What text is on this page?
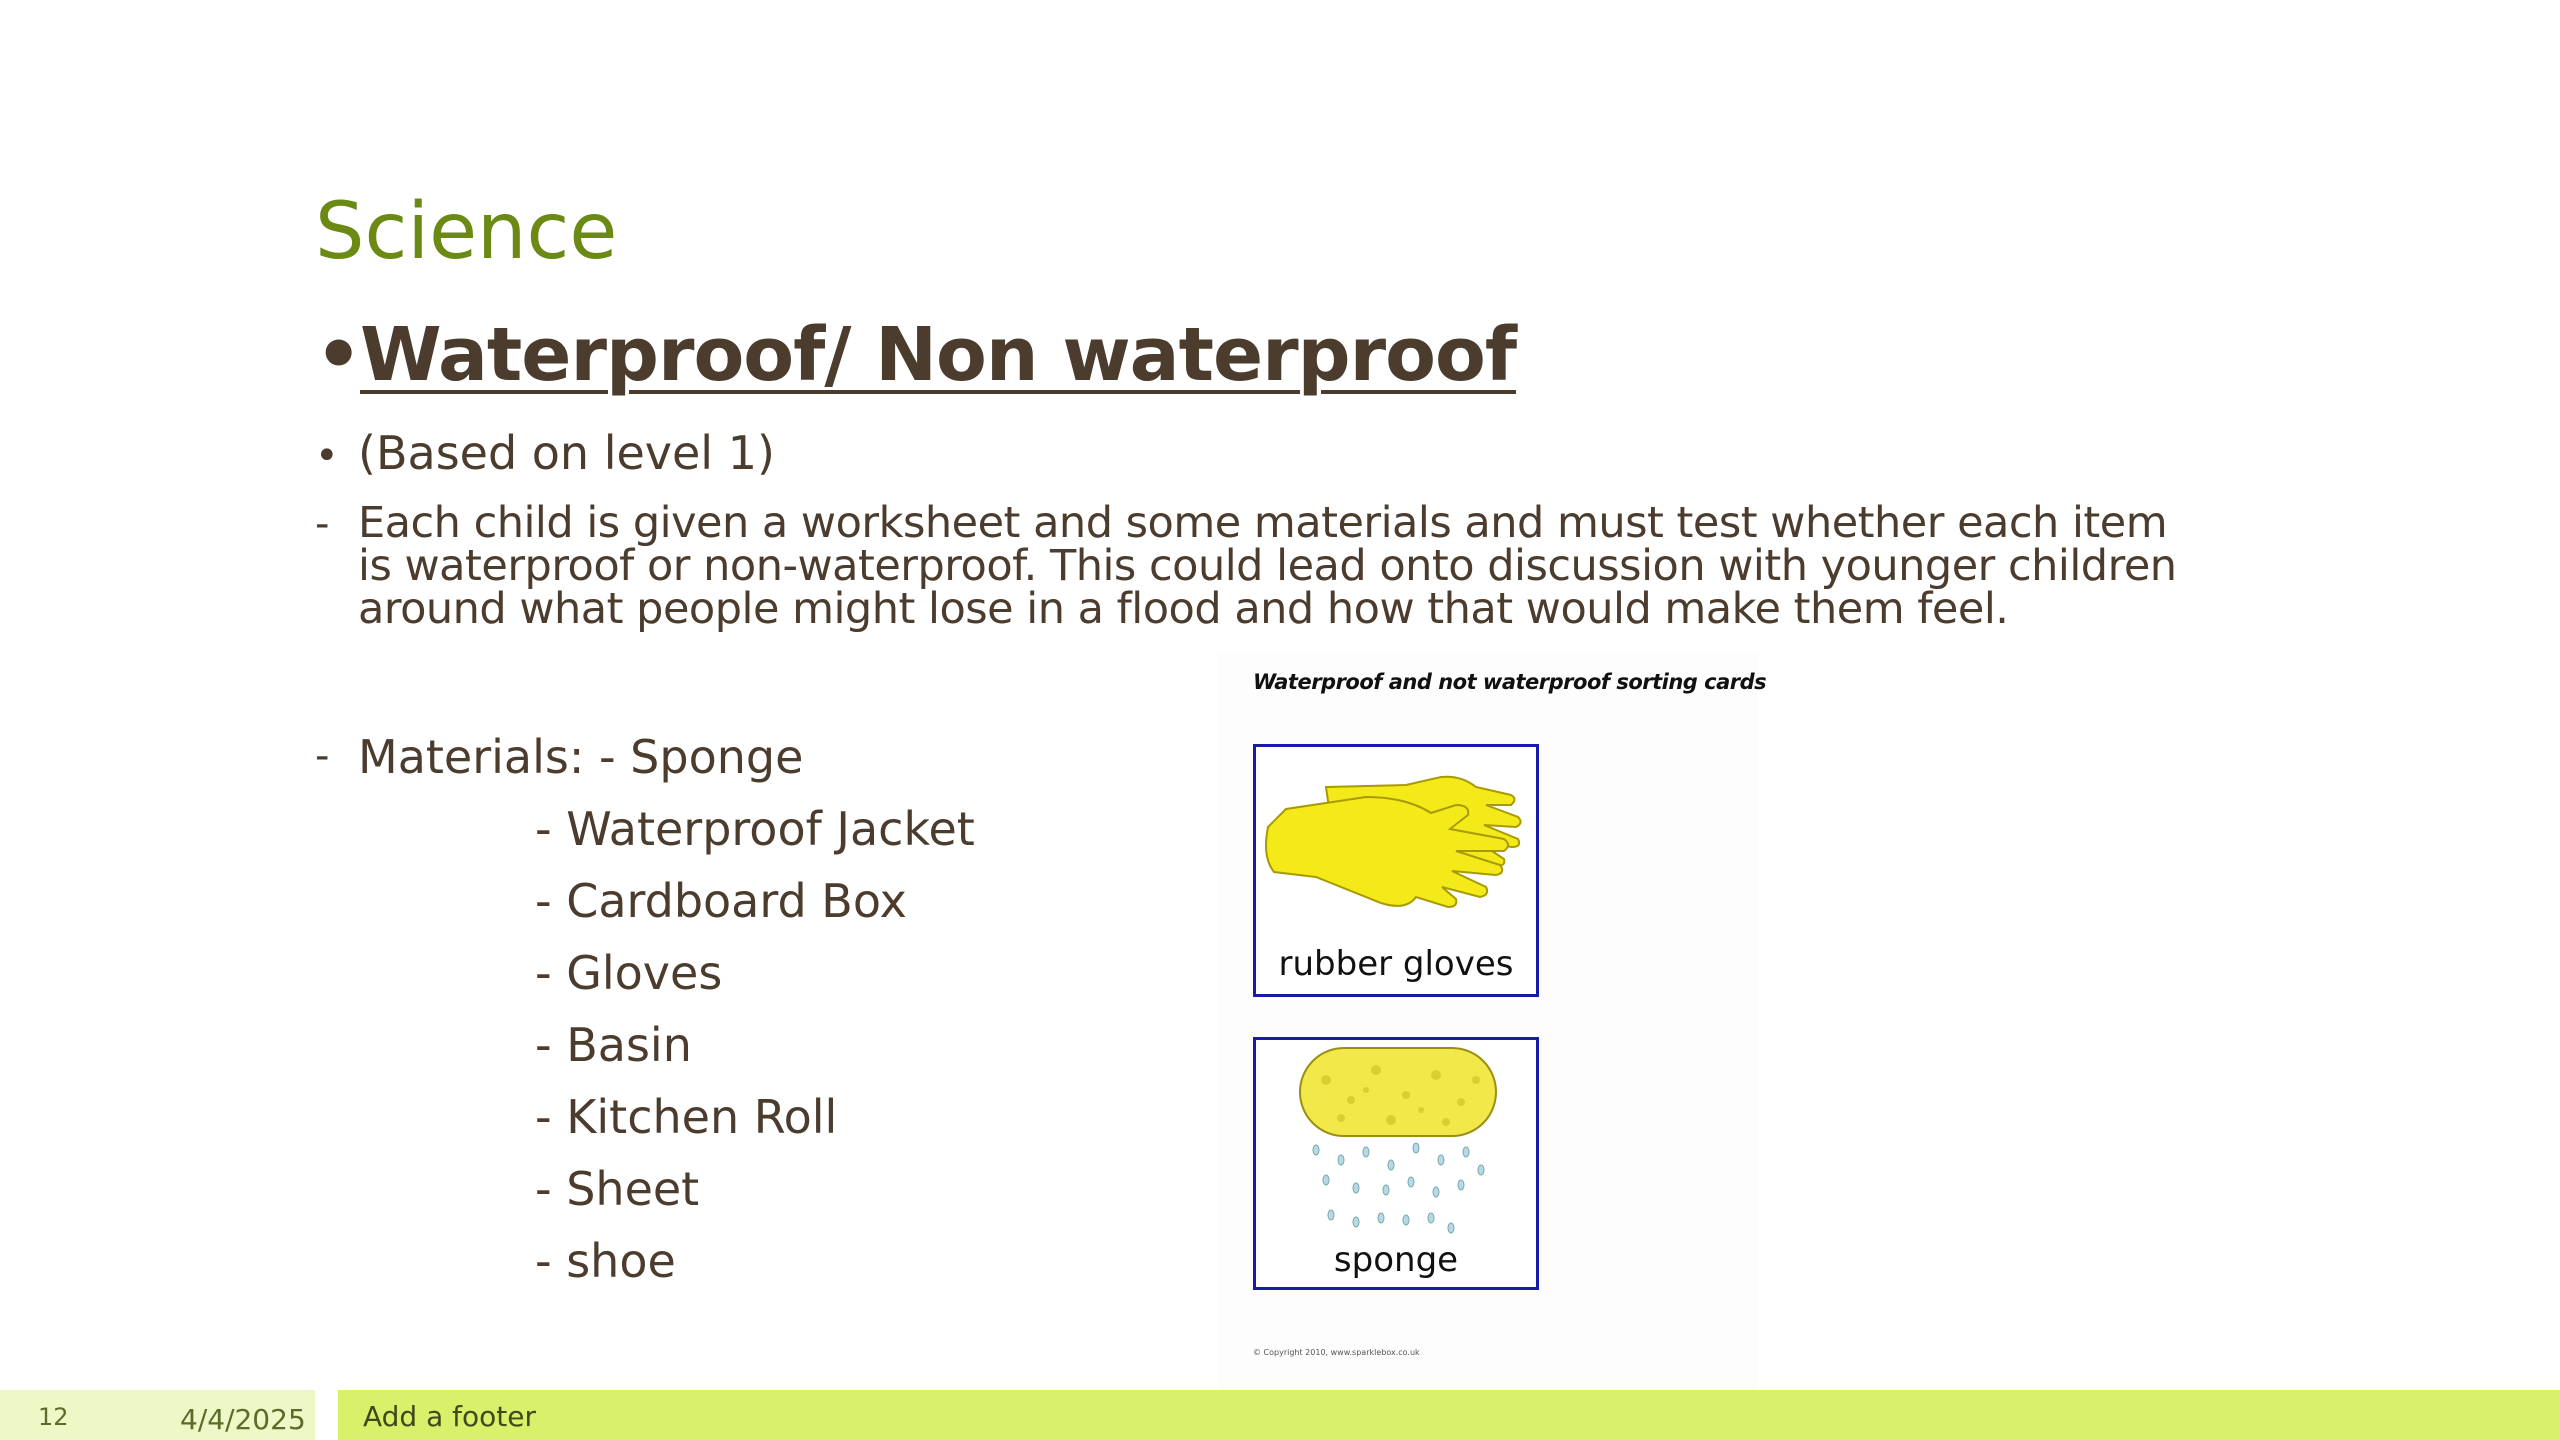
Science
•
Waterproof/ Non waterproof
• (Based on level 1)
- Each child is given a worksheet and some materials and must test whether each item is waterproof or non-waterproof. This could lead onto discussion with younger children around what people might lose in a flood and how that would make them feel.
- Materials: - Sponge
- Waterproof Jacket
- Cardboard Box
- Gloves
- Basin
- Kitchen Roll
- Sheet
- shoe
Waterproof and not waterproof sorting cards
rubber gloves
sponge
© Copyright 2010, www.sparklebox.co.uk
12	4/4/2025 Add a footer
